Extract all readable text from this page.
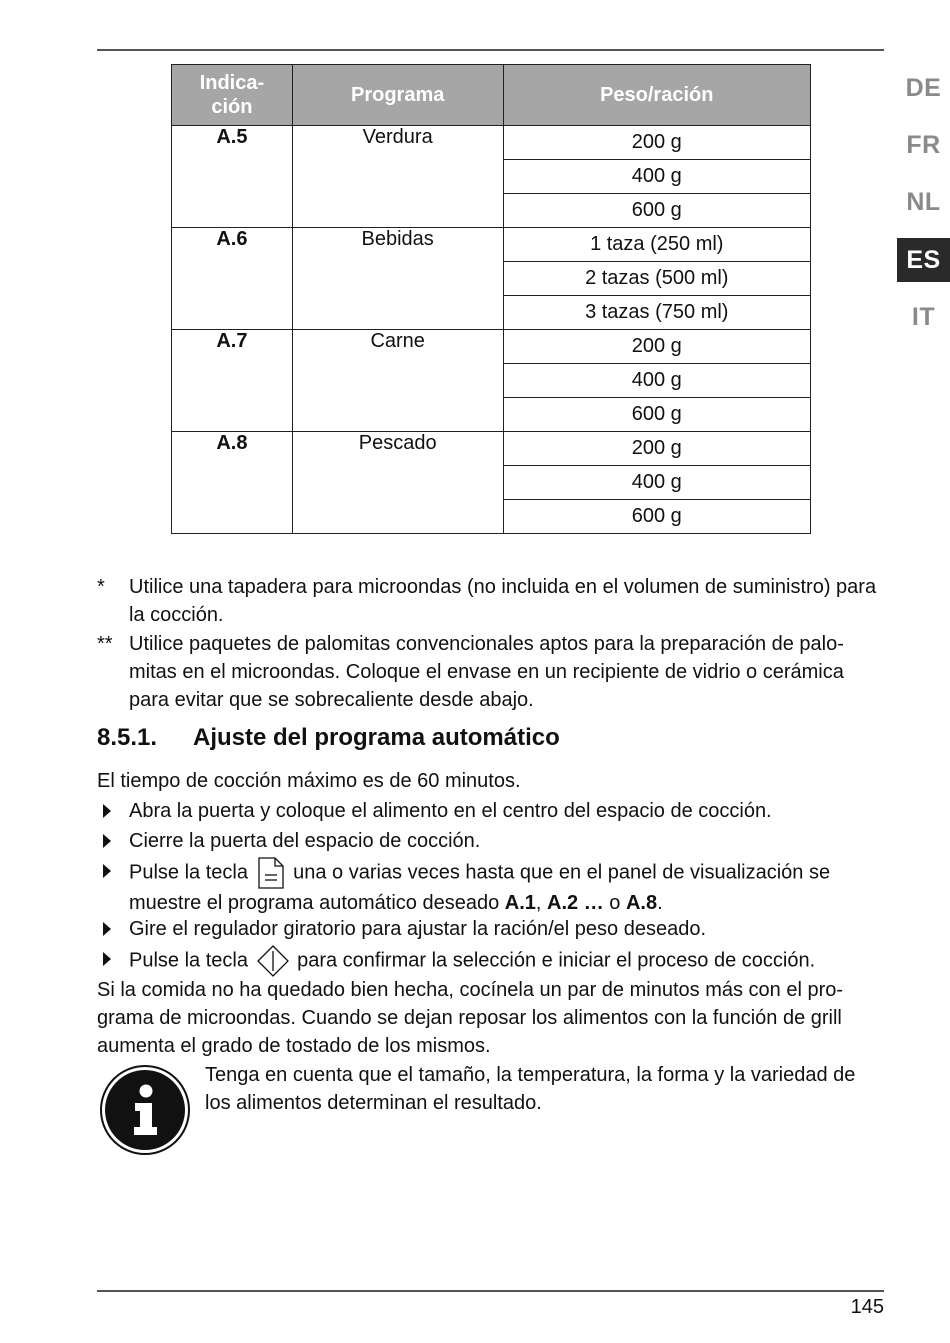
DE
FR
NL
ES
IT
Indica-
ción	Programa	Peso/ración
A.5	Verdura	200 g
		400 g
		600 g
A.6	Bebidas	1 taza (250 ml)
		2 tazas (500 ml)
		3 tazas (750 ml)
A.7	Carne	200 g
		400 g
		600 g
A.8	Pescado	200 g
		400 g
		600 g
* Utilice una tapadera para microondas (no incluida en el volumen de suministro) para la cocción.
** Utilice paquetes de palomitas convencionales aptos para la preparación de palo-mitas en el microondas. Coloque el envase en un recipiente de vidrio o cerámica para evitar que se sobrecaliente desde abajo.
8.5.1. Ajuste del programa automático

El tiempo de cocción máximo es de 60 minutos.

Abra la puerta y coloque el alimento en el centro del espacio de cocción.
Cierre la puerta del espacio de cocción.
Pulse la tecla una o varias veces hasta que en el panel de visualización se muestre el programa automático deseado A.1, A.2 … o A.8.
Gire el regulador giratorio para ajustar la ración/el peso deseado.
Pulse la tecla para confirmar la selección e iniciar el proceso de cocción.

Si la comida no ha quedado bien hecha, cocínela un par de minutos más con el pro-grama de microondas. Cuando se dejan reposar los alimentos con la función de grill aumenta el grado de tostado de los mismos.

Tenga en cuenta que el tamaño, la temperatura, la forma y la variedad de los alimentos determinan el resultado.
145
